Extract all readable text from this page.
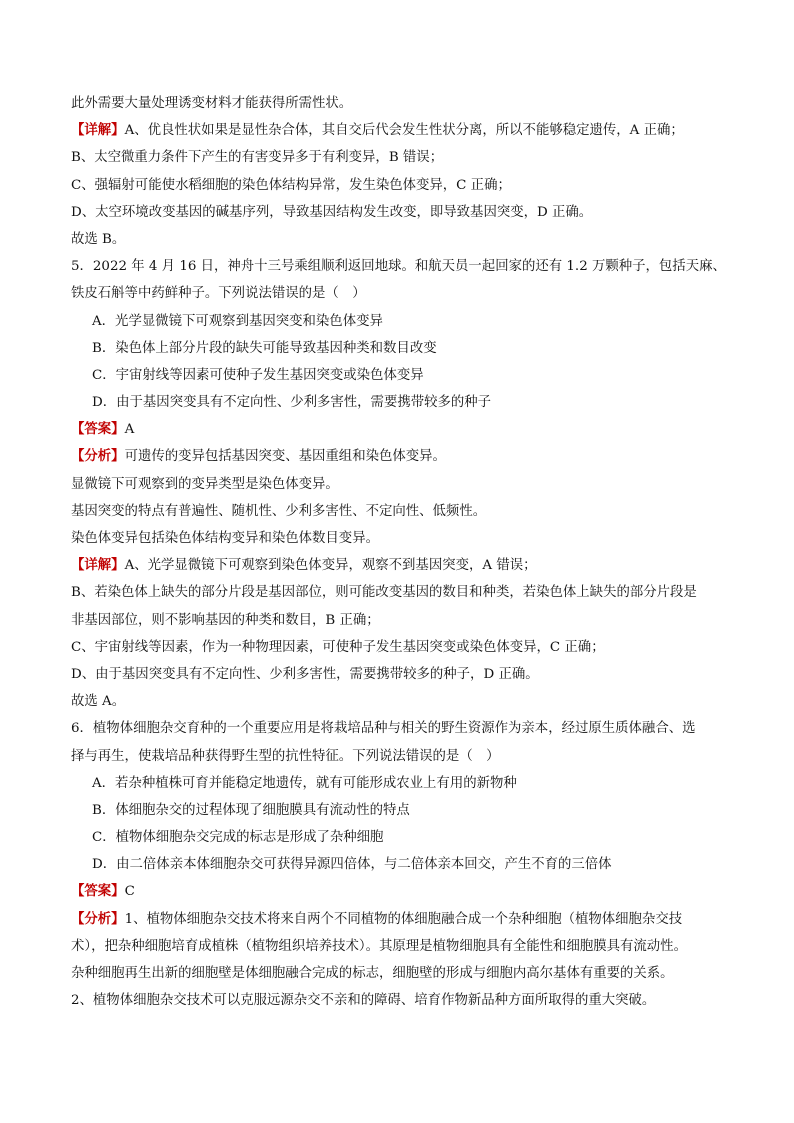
此外需要大量处理诱变材料才能获得所需性状。
【详解】A、优良性状如果是显性杂合体，其自交后代会发生性状分离，所以不能够稳定遗传，A 正确；
B、太空微重力条件下产生的有害变异多于有利变异，B 错误；
C、强辐射可能使水稻细胞的染色体结构异常，发生染色体变异，C 正确；
D、太空环境改变基因的碱基序列，导致基因结构发生改变，即导致基因突变，D 正确。
故选 B。
5．2022 年 4 月 16 日，神舟十三号乘组顺利返回地球。和航天员一起回家的还有 1.2 万颗种子，包括天麻、
铁皮石斛等中药鲜种子。下列说法错误的是（　）
A．光学显微镜下可观察到基因突变和染色体变异
B．染色体上部分片段的缺失可能导致基因种类和数目改变
C．宇宙射线等因素可使种子发生基因突变或染色体变异
D．由于基因突变具有不定向性、少利多害性，需要携带较多的种子
【答案】A
【分析】可遗传的变异包括基因突变、基因重组和染色体变异。
显微镜下可观察到的变异类型是染色体变异。
基因突变的特点有普遍性、随机性、少利多害性、不定向性、低频性。
染色体变异包括染色体结构变异和染色体数目变异。
【详解】A、光学显微镜下可观察到染色体变异，观察不到基因突变，A 错误；
B、若染色体上缺失的部分片段是基因部位，则可能改变基因的数目和种类，若染色体上缺失的部分片段是
非基因部位，则不影响基因的种类和数目，B 正确；
C、宇宙射线等因素，作为一种物理因素，可使种子发生基因突变或染色体变异，C 正确；
D、由于基因突变具有不定向性、少利多害性，需要携带较多的种子，D 正确。
故选 A。
6．植物体细胞杂交育种的一个重要应用是将栽培品种与相关的野生资源作为亲本，经过原生质体融合、选
择与再生，使栽培品种获得野生型的抗性特征。下列说法错误的是（　）
A．若杂种植株可育并能稳定地遗传，就有可能形成农业上有用的新物种
B．体细胞杂交的过程体现了细胞膜具有流动性的特点
C．植物体细胞杂交完成的标志是形成了杂种细胞
D．由二倍体亲本体细胞杂交可获得异源四倍体，与二倍体亲本回交，产生不育的三倍体
【答案】C
【分析】1、植物体细胞杂交技术将来自两个不同植物的体细胞融合成一个杂种细胞（植物体细胞杂交技
术），把杂种细胞培育成植株（植物组织培养技术）。其原理是植物细胞具有全能性和细胞膜具有流动性。
杂种细胞再生出新的细胞壁是体细胞融合完成的标志，细胞壁的形成与细胞内高尔基体有重要的关系。
2、植物体细胞杂交技术可以克服远源杂交不亲和的障碍、培育作物新品种方面所取得的重大突破。
